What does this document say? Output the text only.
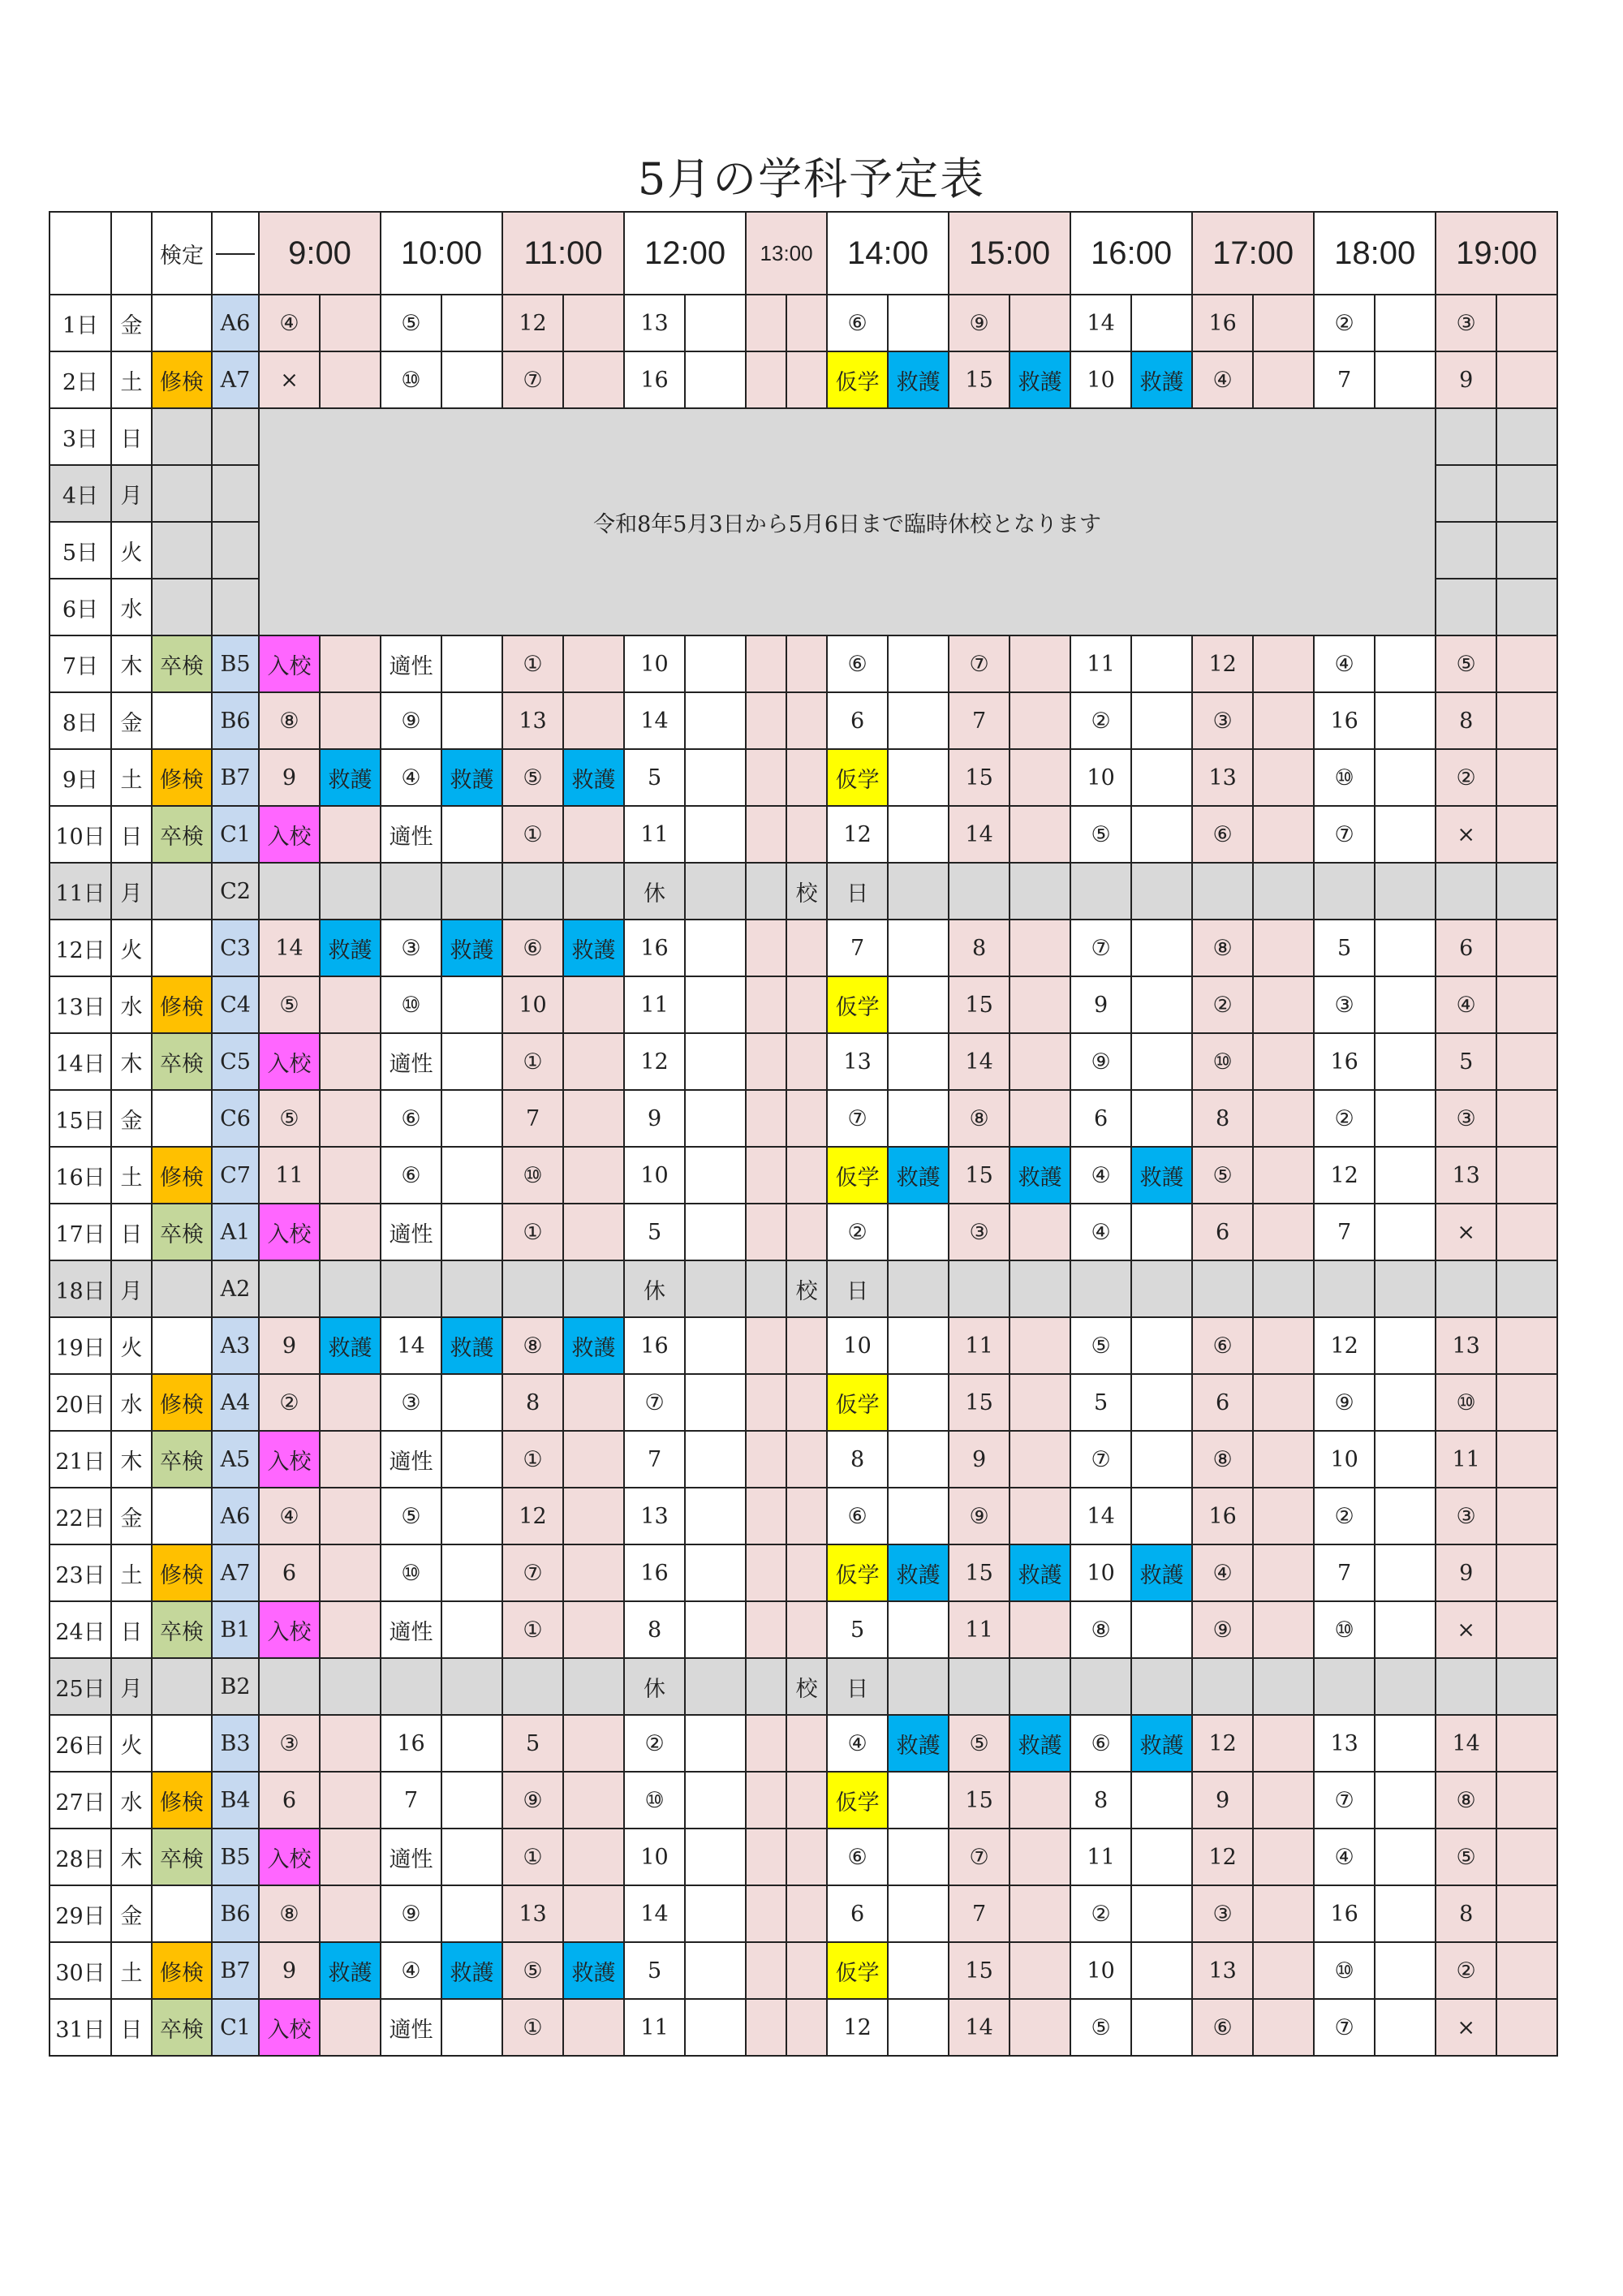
5月の学科予定表
		検定		9:00		10:00		11:00		12:00		13:00		14:00		15:00		16:00		17:00		18:00		19:00	
1日	金		A6	④		⑤		12		13				⑥		⑨		14		16		②		③	
2日	土	修検	A7	×		⑩		⑦		16				仮学	救護	15	救護	10	救護	④		7		9	
3日	日			令和8年5月3日から5月6日まで臨時休校となります																					
4日	月																								
5日	火																								
6日	水																								
7日	木	卒検	B5	入校		適性		①		10				⑥		⑦		11		12		④		⑤	
8日	金		B6	⑧		⑨		13		14				6		7		②		③		16		8	
9日	土	修検	B7	9	救護	④	救護	⑤	救護	5				仮学		15		10		13		⑩		②	
10日	日	卒検	C1	入校		適性		①		11				12		14		⑤		⑥		⑦		×	
11日	月		C2							休			校	日											
12日	火		C3	14	救護	③	救護	⑥	救護	16				7		8		⑦		⑧		5		6	
13日	水	修検	C4	⑤		⑩		10		11				仮学		15		9		②		③		④	
14日	木	卒検	C5	入校		適性		①		12				13		14		⑨		⑩		16		5	
15日	金		C6	⑤		⑥		7		9				⑦		⑧		6		8		②		③	
16日	土	修検	C7	11		⑥		⑩		10				仮学	救護	15	救護	④	救護	⑤		12		13	
17日	日	卒検	A1	入校		適性		①		5				②		③		④		6		7		×	
18日	月		A2							休			校	日											
19日	火		A3	9	救護	14	救護	⑧	救護	16				10		11		⑤		⑥		12		13	
20日	水	修検	A4	②		③		8		⑦				仮学		15		5		6		⑨		⑩	
21日	木	卒検	A5	入校		適性		①		7				8		9		⑦		⑧		10		11	
22日	金		A6	④		⑤		12		13				⑥		⑨		14		16		②		③	
23日	土	修検	A7	6		⑩		⑦		16				仮学	救護	15	救護	10	救護	④		7		9	
24日	日	卒検	B1	入校		適性		①		8				5		11		⑧		⑨		⑩		×	
25日	月		B2							休			校	日											
26日	火		B3	③		16		5		②				④	救護	⑤	救護	⑥	救護	12		13		14	
27日	水	修検	B4	6		7		⑨		⑩				仮学		15		8		9		⑦		⑧	
28日	木	卒検	B5	入校		適性		①		10				⑥		⑦		11		12		④		⑤	
29日	金		B6	⑧		⑨		13		14				6		7		②		③		16		8	
30日	土	修検	B7	9	救護	④	救護	⑤	救護	5				仮学		15		10		13		⑩		②	
31日	日	卒検	C1	入校		適性		①		11				12		14		⑤		⑥		⑦		×	
